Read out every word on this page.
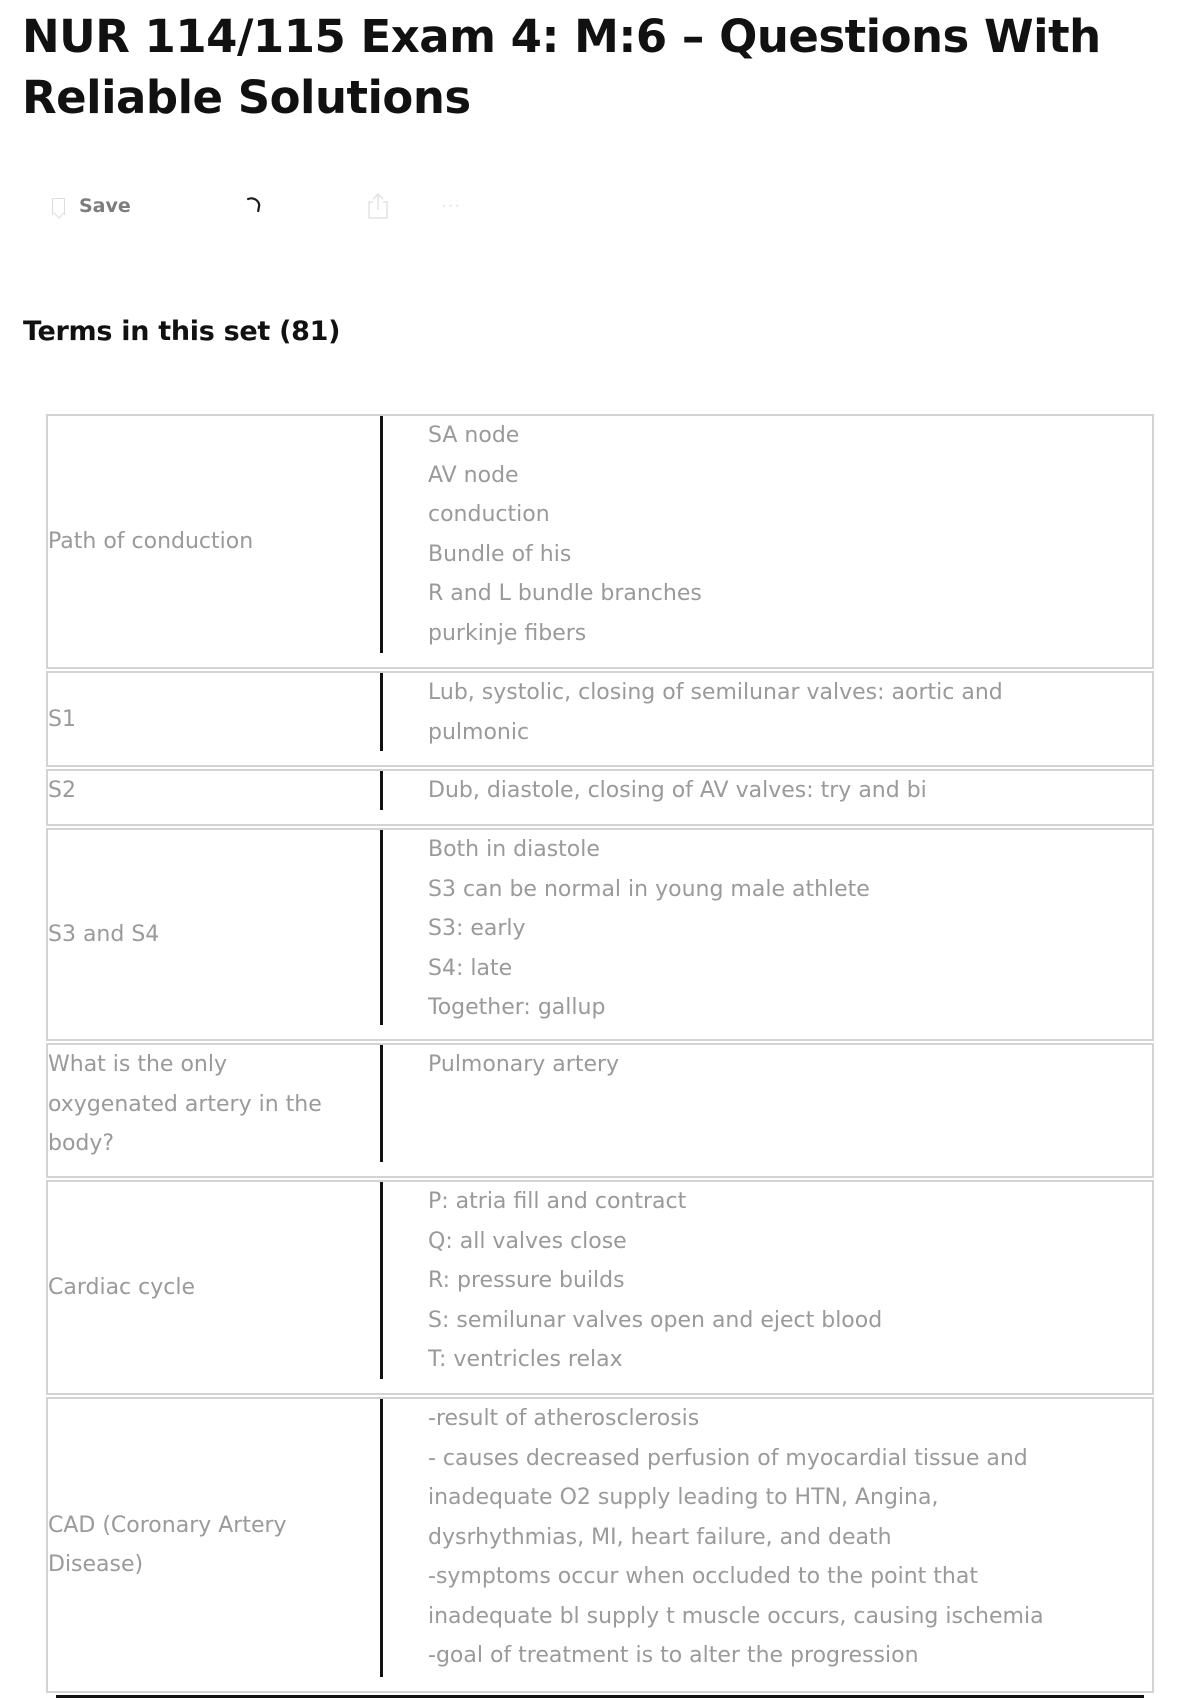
NUR 114/115 Exam 4: M:6 – Questions With Reliable Solutions
Save	···
Terms in this set (81)
Path of conduction
SA node
AV node
conduction
Bundle of his
R and L bundle branches
purkinje fibers
S1
Lub, systolic, closing of semilunar valves: aortic and
pulmonic
S2	Dub, diastole, closing of AV valves: try and bi
S3 and S4
Both in diastole
S3 can be normal in young male athlete
S3: early
S4: late
Together: gallup
What is the only
oxygenated artery in the
body?
Pulmonary artery
Cardiac cycle
P: atria fill and contract
Q: all valves close
R: pressure builds
S: semilunar valves open and eject blood
T: ventricles relax
CAD (Coronary Artery
Disease)
-result of atherosclerosis
- causes decreased perfusion of myocardial tissue and
inadequate O2 supply leading to HTN, Angina,
dysrhythmias, MI, heart failure, and death
-symptoms occur when occluded to the point that
inadequate bl supply t muscle occurs, causing ischemia
-goal of treatment is to alter the progression
